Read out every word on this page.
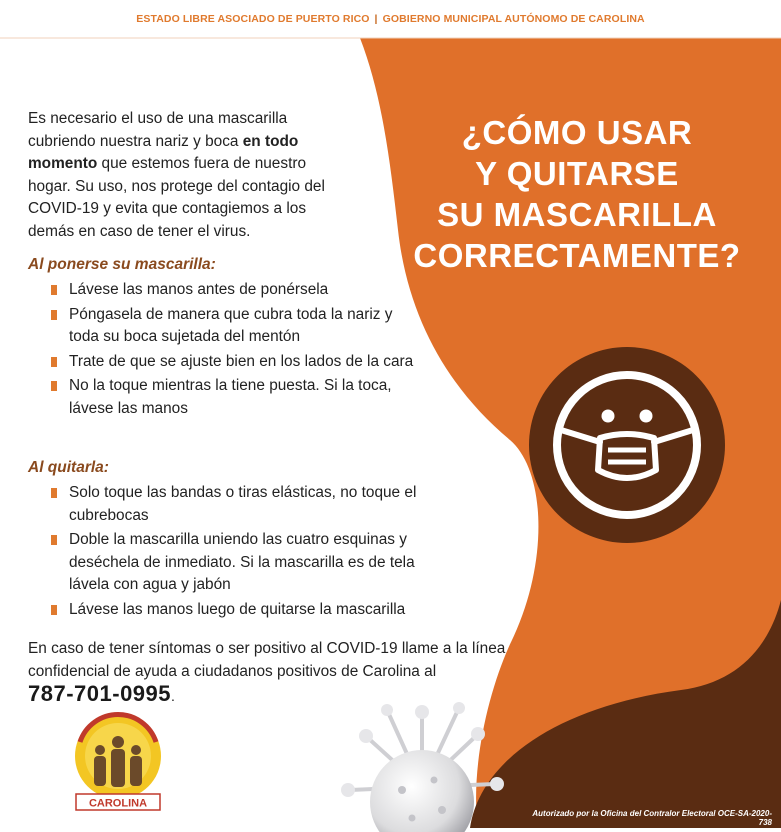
ESTADO LIBRE ASOCIADO DE PUERTO RICO | GOBIERNO MUNICIPAL AUTÓNOMO DE CAROLINA
¿CÓMO USAR
Y QUITARSE
SU MASCARILLA
CORRECTAMENTE?
Es necesario el uso de una mascarilla cubriendo nuestra nariz y boca en todo momento que estemos fuera de nuestro hogar. Su uso, nos protege del contagio del COVID-19 y evita que contagiemos a los demás en caso de tener el virus.
Al ponerse su mascarilla:
Lávese las manos antes de ponérsela
Póngasela de manera que cubra toda la nariz y toda su boca sujetada del mentón
Trate de que se ajuste bien en los lados de la cara
No la toque mientras la tiene puesta. Si la toca, lávese las manos
Al quitarla:
Solo toque las bandas o tiras elásticas, no toque el cubrebocas
Doble la mascarilla uniendo las cuatro esquinas y deséchela de inmediato. Si la mascarilla es de tela lávela con agua y jabón
Lávese las manos luego de quitarse la mascarilla
En caso de tener síntomas o ser positivo al COVID-19 llame a la línea confidencial de ayuda a ciudadanos positivos de Carolina al
787-701-0995.
CAROLINA
Autorizado por la Oficina del Contralor Electoral OCE-SA-2020-738
